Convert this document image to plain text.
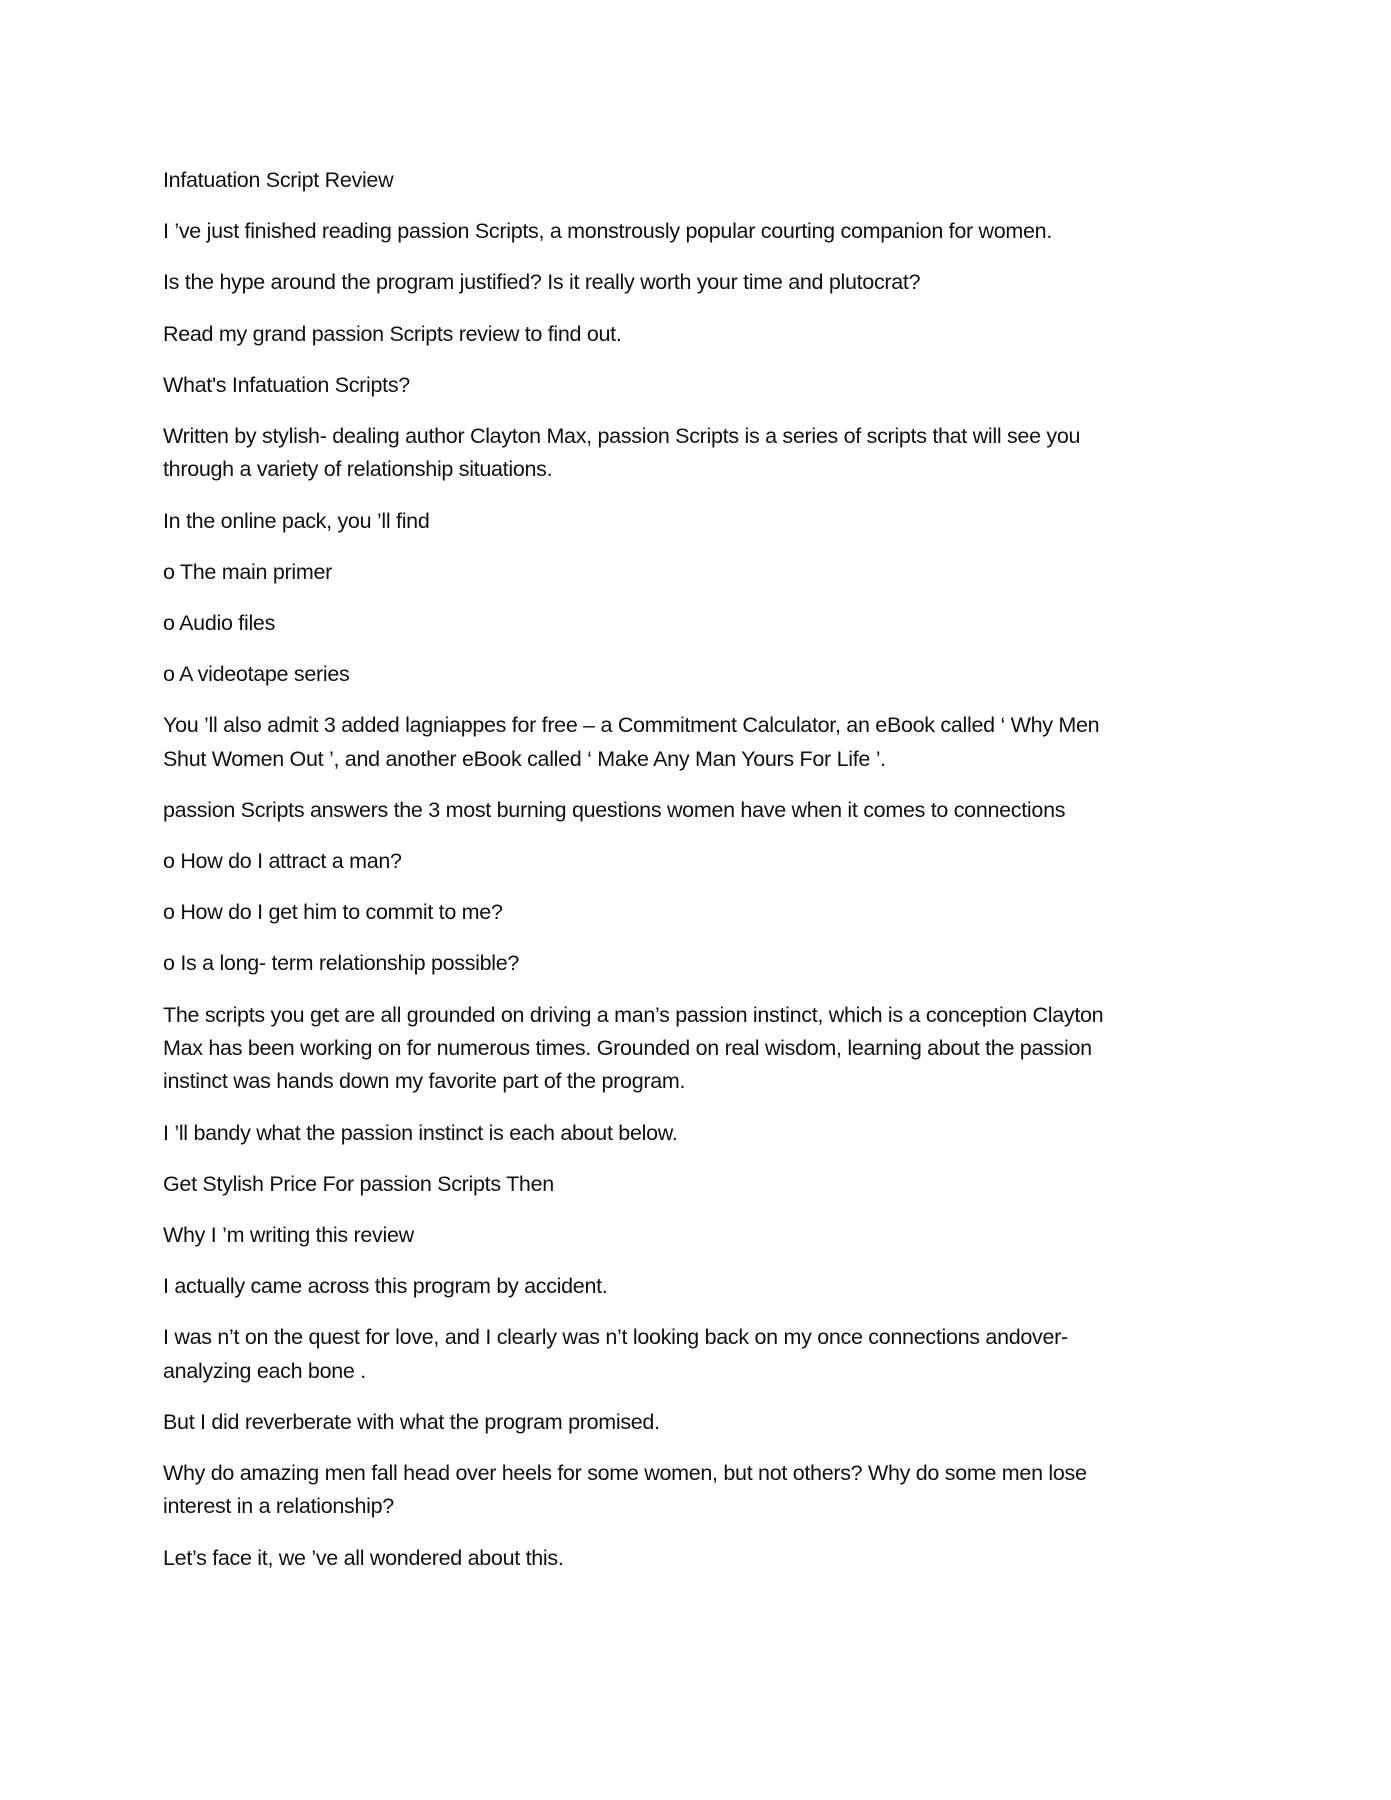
Infatuation Script Review

I ’ve just finished reading passion Scripts, a monstrously popular courting companion for women.

Is the hype around the program justified? Is it really worth your time and plutocrat?

Read my grand passion Scripts review to find out.

What's Infatuation Scripts?

Written by stylish- dealing author Clayton Max, passion Scripts is a series of scripts that will see you
through a variety of relationship situations.

In the online pack, you ’ll find

o The main primer

o Audio files

o A videotape series

You ’ll also admit 3 added lagniappes for free – a Commitment Calculator, an eBook called ‘ Why Men
Shut Women Out ’, and another eBook called ‘ Make Any Man Yours For Life ’.

passion Scripts answers the 3 most burning questions women have when it comes to connections

o How do I attract a man?

o How do I get him to commit to me?

o Is a long- term relationship possible?

The scripts you get are all grounded on driving a man’s passion instinct, which is a conception Clayton
Max has been working on for numerous times. Grounded on real wisdom, learning about the passion
instinct was hands down my favorite part of the program.

I ’ll bandy what the passion instinct is each about below.

Get Stylish Price For passion Scripts Then

Why I ’m writing this review

I actually came across this program by accident.

I was n’t on the quest for love, and I clearly was n’t looking back on my once connections andover-
analyzing each bone .

But I did reverberate with what the program promised.

Why do amazing men fall head over heels for some women, but not others? Why do some men lose
interest in a relationship?

Let’s face it, we ’ve all wondered about this.
